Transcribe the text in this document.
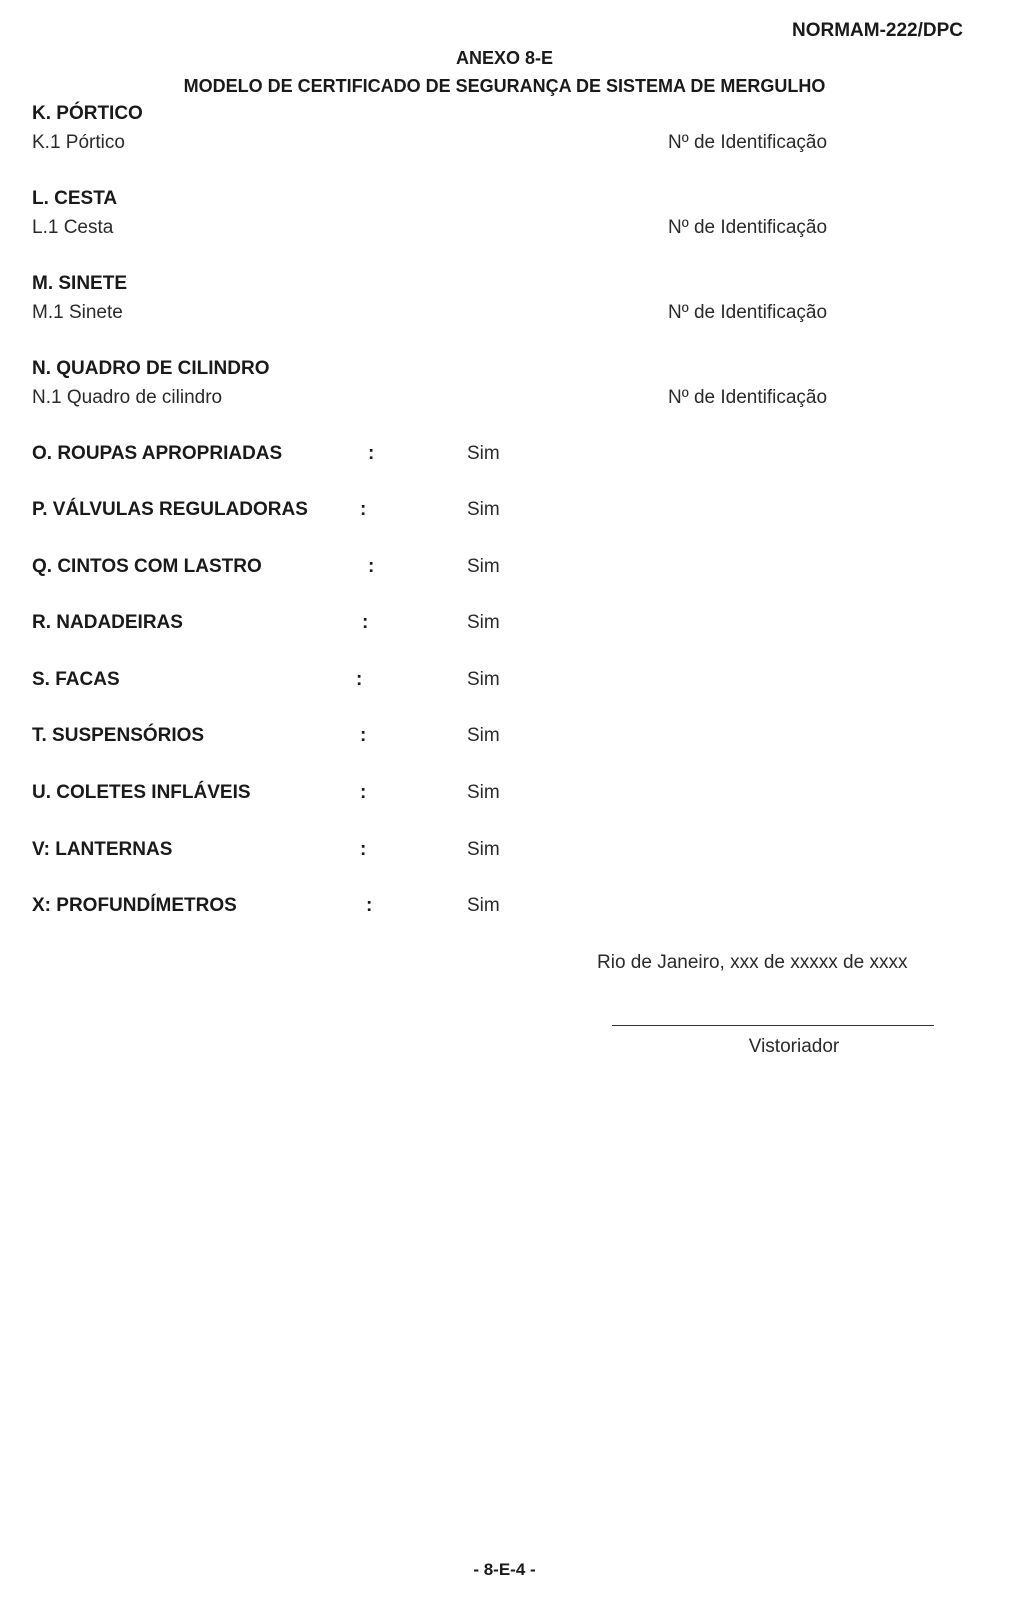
NORMAM-222/DPC
ANEXO 8-E
MODELO DE CERTIFICADO DE SEGURANÇA DE SISTEMA DE MERGULHO
K. PÓRTICO
K.1 Pórtico	Nº de Identificação
L. CESTA
L.1 Cesta	Nº de Identificação
M. SINETE
M.1 Sinete	Nº de Identificação
N. QUADRO DE CILINDRO
N.1 Quadro de cilindro	Nº de Identificação
O. ROUPAS APROPRIADAS	:	Sim
P. VÁLVULAS REGULADORAS	:	Sim
Q. CINTOS COM LASTRO	:	Sim
R. NADADEIRAS	:	Sim
S. FACAS	:	Sim
T. SUSPENSÓRIOS	:	Sim
U. COLETES INFLÁVEIS	:	Sim
V: LANTERNAS	:	Sim
X: PROFUNDÍMETROS	:	Sim
Rio de Janeiro, xxx de xxxxx de xxxx
Vistoriador
- 8-E-4 -
